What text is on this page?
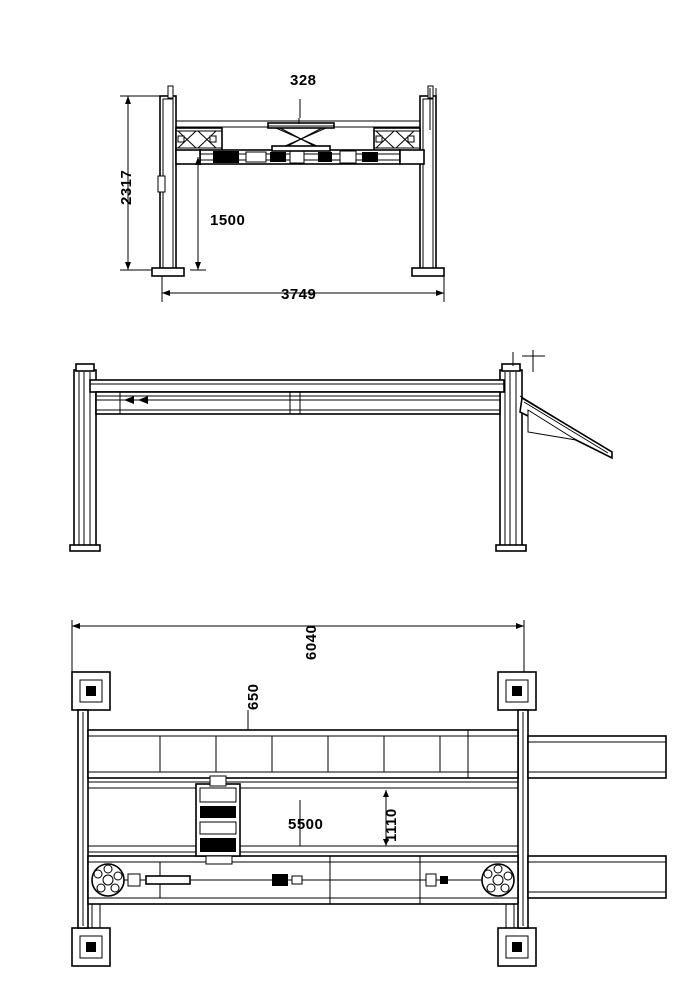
328
2317
1500
3749
6040
650
5500	1110
